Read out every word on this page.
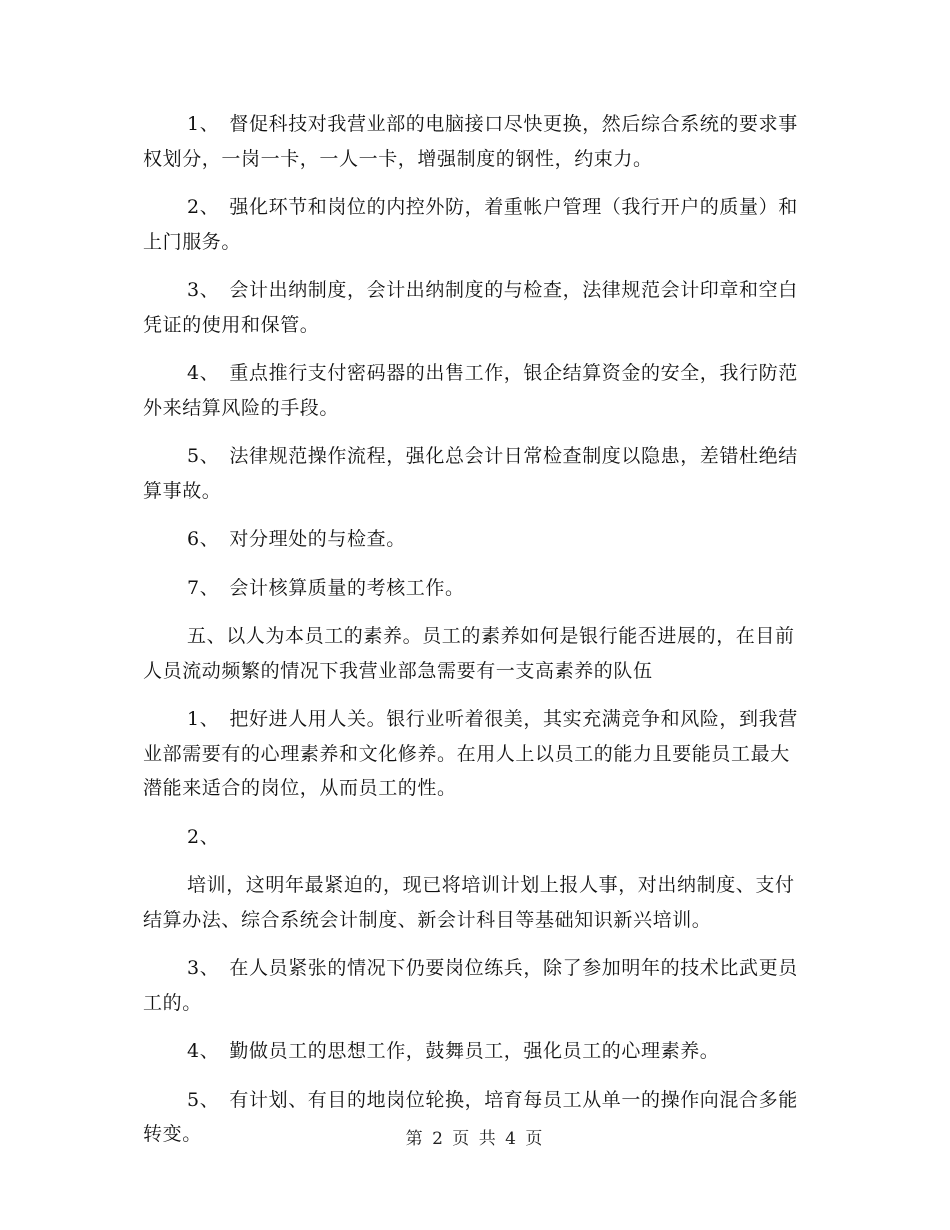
1、　督促科技对我营业部的电脑接口尽快更换，然后综合系统的要求事权划分，一岗一卡，一人一卡，增强制度的钢性，约束力。

2、　强化环节和岗位的内控外防，着重帐户管理（我行开户的质量）和上门服务。

3、　会计出纳制度，会计出纳制度的与检查，法律规范会计印章和空白凭证的使用和保管。

4、　重点推行支付密码器的出售工作，银企结算资金的安全，我行防范外来结算风险的手段。

5、　法律规范操作流程，强化总会计日常检查制度以隐患，差错杜绝结算事故。

6、　对分理处的与检查。

7、　会计核算质量的考核工作。

五、以人为本员工的素养。员工的素养如何是银行能否进展的，在目前人员流动频繁的情况下我营业部急需要有一支高素养的队伍

1、　把好进人用人关。银行业听着很美，其实充满竞争和风险，到我营业部需要有的心理素养和文化修养。在用人上以员工的能力且要能员工最大潜能来适合的岗位，从而员工的性。

2、

培训，这明年最紧迫的，现已将培训计划上报人事，对出纳制度、支付结算办法、综合系统会计制度、新会计科目等基础知识新兴培训。

3、　在人员紧张的情况下仍要岗位练兵，除了参加明年的技术比武更员工的。

4、　勤做员工的思想工作，鼓舞员工，强化员工的心理素养。

5、　有计划、有目的地岗位轮换，培育每员工从单一的操作向混合多能转变。	第 2 页 共 4 页
